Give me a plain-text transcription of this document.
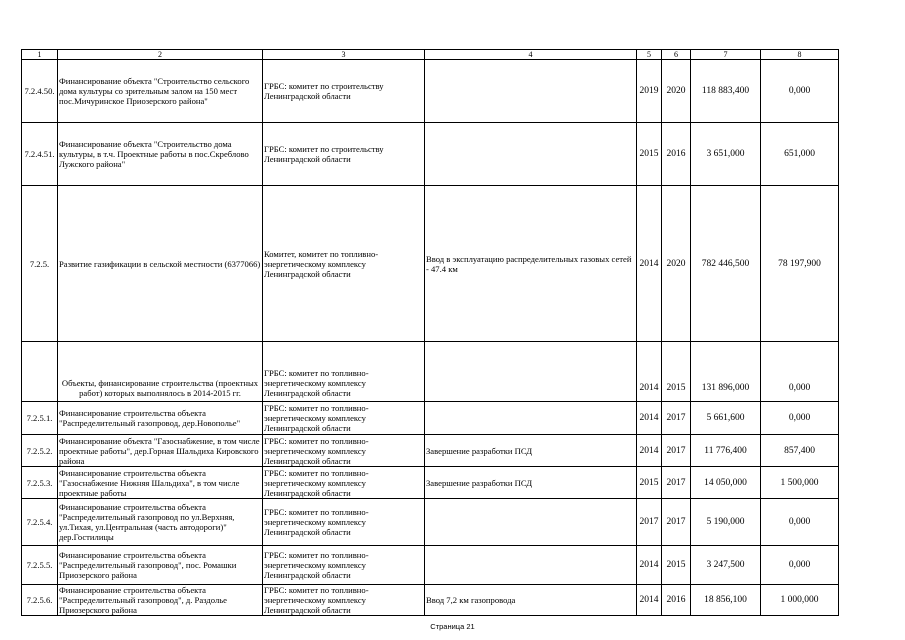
1	2	3	4	5	6	7	8
7.2.4.50.	Финансирование объекта "Строительство сельского дома культуры со зрительным залом на 150 мест пос.Мичуринское Приозерского района"	ГРБС: комитет по строительству Ленинградской области		2019	2020	118 883,400	0,000
7.2.4.51.	Финансирование объекта "Строительство дома культуры, в т.ч. Проектные работы в пос.Скреблово Лужского района"	ГРБС: комитет по строительству Ленинградской области		2015	2016	3 651,000	651,000
7.2.5.	Развитие газификации в сельской местности (6377066)	Комитет, комитет по топливно-энергетическому комплексу Ленинградской области	Ввод в эксплуатацию распределительных газовых сетей - 47.4 км	2014	2020	782 446,500	78 197,900
	Объекты, финансирование строительства (проектных работ) которых выполнялось в 2014-2015 гг.	ГРБС: комитет по топливно-энергетическому комплексу Ленинградской области		2014	2015	131 896,000	0,000
7.2.5.1.	Финансирование строительства объекта "Распределительный газопровод, дер.Новополье"	ГРБС: комитет по топливно-энергетическому комплексу Ленинградской области		2014	2017	5 661,600	0,000
7.2.5.2.	Финансирование объекта "Газоснабжение, в том числе проектные работы", дер.Горная Шальдиха Кировского района	ГРБС: комитет по топливно-энергетическому комплексу Ленинградской области	Завершение разработки ПСД	2014	2017	11 776,400	857,400
7.2.5.3.	Финансирование строительства объекта "Газоснабжение Нижняя Шальдиха", в том числе проектные работы	ГРБС: комитет по топливно-энергетическому комплексу Ленинградской области	Завершение разработки ПСД	2015	2017	14 050,000	1 500,000
7.2.5.4.	Финансирование строительства объекта "Распределительный газопровод по ул.Верхняя, ул.Тихая, ул.Центральная (часть автодороги)" дер.Гостилицы	ГРБС: комитет по топливно-энергетическому комплексу Ленинградской области		2017	2017	5 190,000	0,000
7.2.5.5.	Финансирование строительства объекта "Распределительный газопровод", пос. Ромашки Приозерского района	ГРБС: комитет по топливно-энергетическому комплексу Ленинградской области		2014	2015	3 247,500	0,000
7.2.5.6.	Финансирование строительства объекта "Распределительный газопровод", д. Раздолье Приозерского района	ГРБС: комитет по топливно-энергетическому комплексу Ленинградской области	Ввод 7,2 км газопровода	2014	2016	18 856,100	1 000,000
Страница 21
